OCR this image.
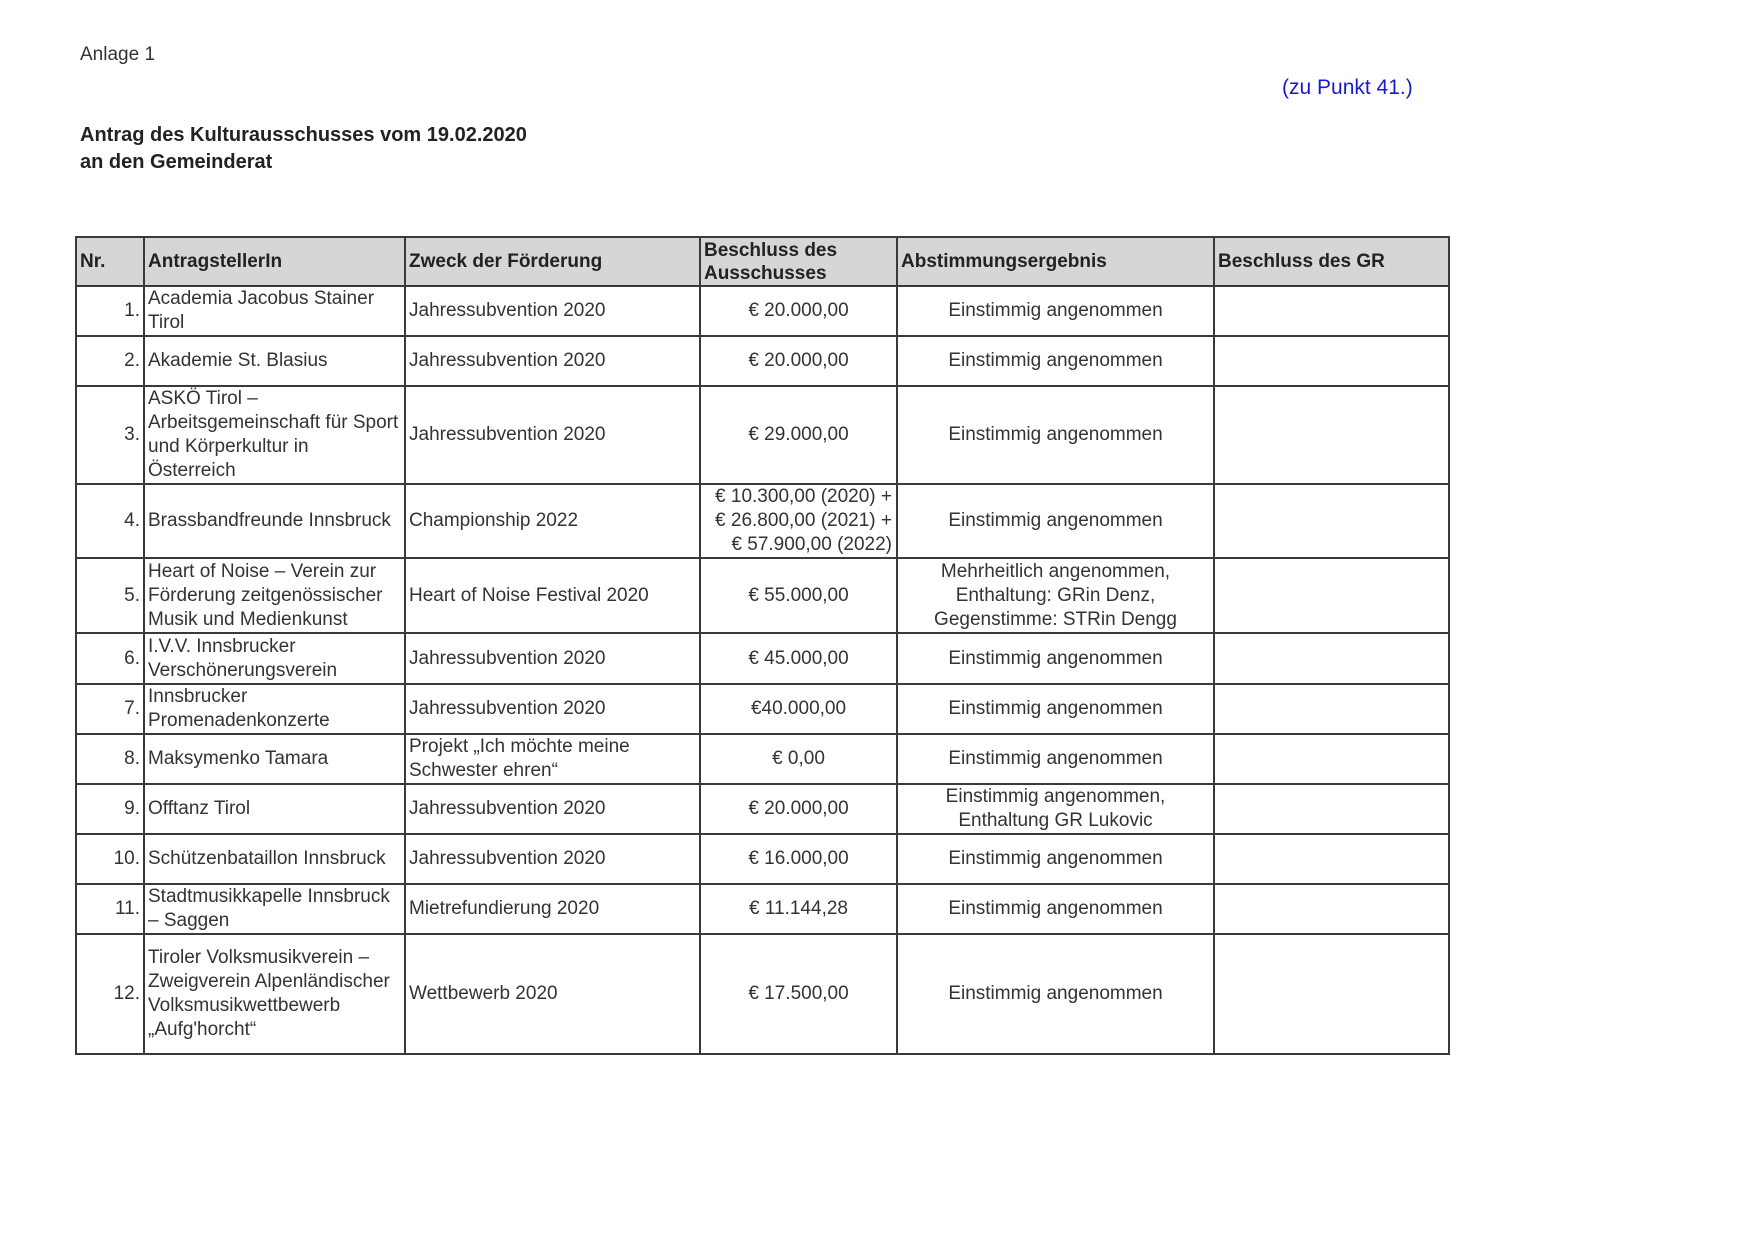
Anlage 1
(zu Punkt 41.)
Antrag des Kulturausschusses vom 19.02.2020
an den Gemeinderat
Nr.	AntragstellerIn	Zweck der Förderung	Beschluss des Ausschusses	Abstimmungsergebnis	Beschluss des GR
1.	Academia Jacobus Stainer Tirol	Jahressubvention 2020	€ 20.000,00	Einstimmig angenommen	
2.	Akademie St. Blasius	Jahressubvention 2020	€ 20.000,00	Einstimmig angenommen	
3.	ASKÖ Tirol – Arbeitsgemeinschaft für Sport und Körperkultur in Österreich	Jahressubvention 2020	€ 29.000,00	Einstimmig angenommen	
4.	Brassbandfreunde Innsbruck	Championship 2022	€ 10.300,00 (2020) +
€ 26.800,00 (2021) +
€ 57.900,00 (2022)	Einstimmig angenommen	
5.	Heart of Noise – Verein zur Förderung zeitgenössischer Musik und Medienkunst	Heart of Noise Festival 2020	€ 55.000,00	Mehrheitlich angenommen,
Enthaltung: GRin Denz,
Gegenstimme: STRin Dengg	

6.	I.V.V. Innsbrucker Verschönerungsverein	Jahressubvention 2020	€ 45.000,00	Einstimmig angenommen	
7.	Innsbrucker Promenadenkonzerte	Jahressubvention 2020	€40.000,00	Einstimmig angenommen	
8.	Maksymenko Tamara	Projekt „Ich möchte meine Schwester ehren“	€ 0,00	Einstimmig angenommen	
9.	Offtanz Tirol	Jahressubvention 2020	€ 20.000,00	Einstimmig angenommen,
Enthaltung GR Lukovic	

10.	Schützenbataillon Innsbruck	Jahressubvention 2020	€ 16.000,00	Einstimmig angenommen	
11.	Stadtmusikkapelle Innsbruck – Saggen	Mietrefundierung 2020	€ 11.144,28	Einstimmig angenommen	
12.	Tiroler Volksmusikverein – Zweigverein Alpenländischer Volksmusikwettbewerb „Aufg'horcht“	Wettbewerb 2020	€ 17.500,00	Einstimmig angenommen	
